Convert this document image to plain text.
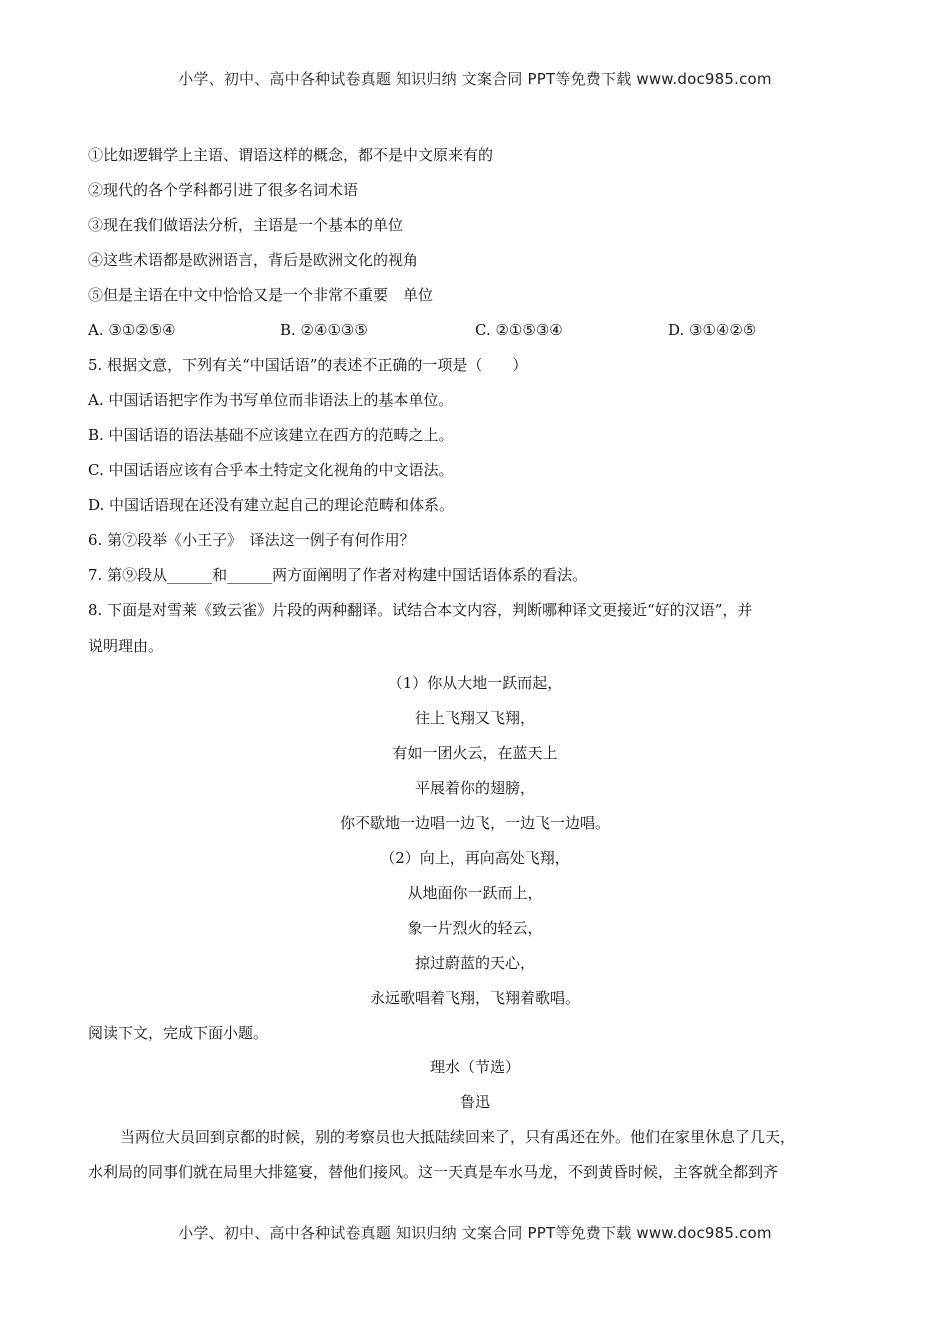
小学、初中、高中各种试卷真题 知识归纳 文案合同 PPT等免费下载 www.doc985.com
①比如逻辑学上主语、谓语这样的概念，都不是中文原来有的
②现代的各个学科都引进了很多名词术语
③现在我们做语法分析，主语是一个基本的单位
④这些术语都是欧洲语言，背后是欧洲文化的视角
⑤但是主语在中文中恰恰又是一个非常不重要　单位
A. ③①②⑤④	B. ②④①③⑤	C. ②①⑤③④	D. ③①④②⑤
5. 根据文意，下列有关“中国话语”的表述不正确的一项是（　　）
A. 中国话语把字作为书写单位而非语法上的基本单位。
B. 中国话语的语法基础不应该建立在西方的范畴之上。
C. 中国话语应该有合乎本土特定文化视角的中文语法。
D. 中国话语现在还没有建立起自己的理论范畴和体系。
6. 第⑦段举《小王子》　译法这一例子有何作用？
7. 第⑨段从______和______两方面阐明了作者对构建中国话语体系的看法。
8. 下面是对雪莱《致云雀》片段的两种翻译。试结合本文内容，判断哪种译文更接近“好的汉语”，并
说明理由。
（1）你从大地一跃而起，
往上飞翔又飞翔，
有如一团火云，在蓝天上
平展着你的翅膀，
你不歇地一边唱一边飞，一边飞一边唱。
（2）向上，再向高处飞翔，
从地面你一跃而上，
象一片烈火的轻云，
掠过蔚蓝的天心，
永远歌唱着飞翔，飞翔着歌唱。
阅读下文，完成下面小题。
理水（节选）
鲁迅
当两位大员回到京都的时候，别的考察员也大抵陆续回来了，只有禹还在外。他们在家里休息了几天，
水利局的同事们就在局里大排筵宴，替他们接风。这一天真是车水马龙，不到黄昏时候，主客就全都到齐
小学、初中、高中各种试卷真题 知识归纳 文案合同 PPT等免费下载 www.doc985.com
